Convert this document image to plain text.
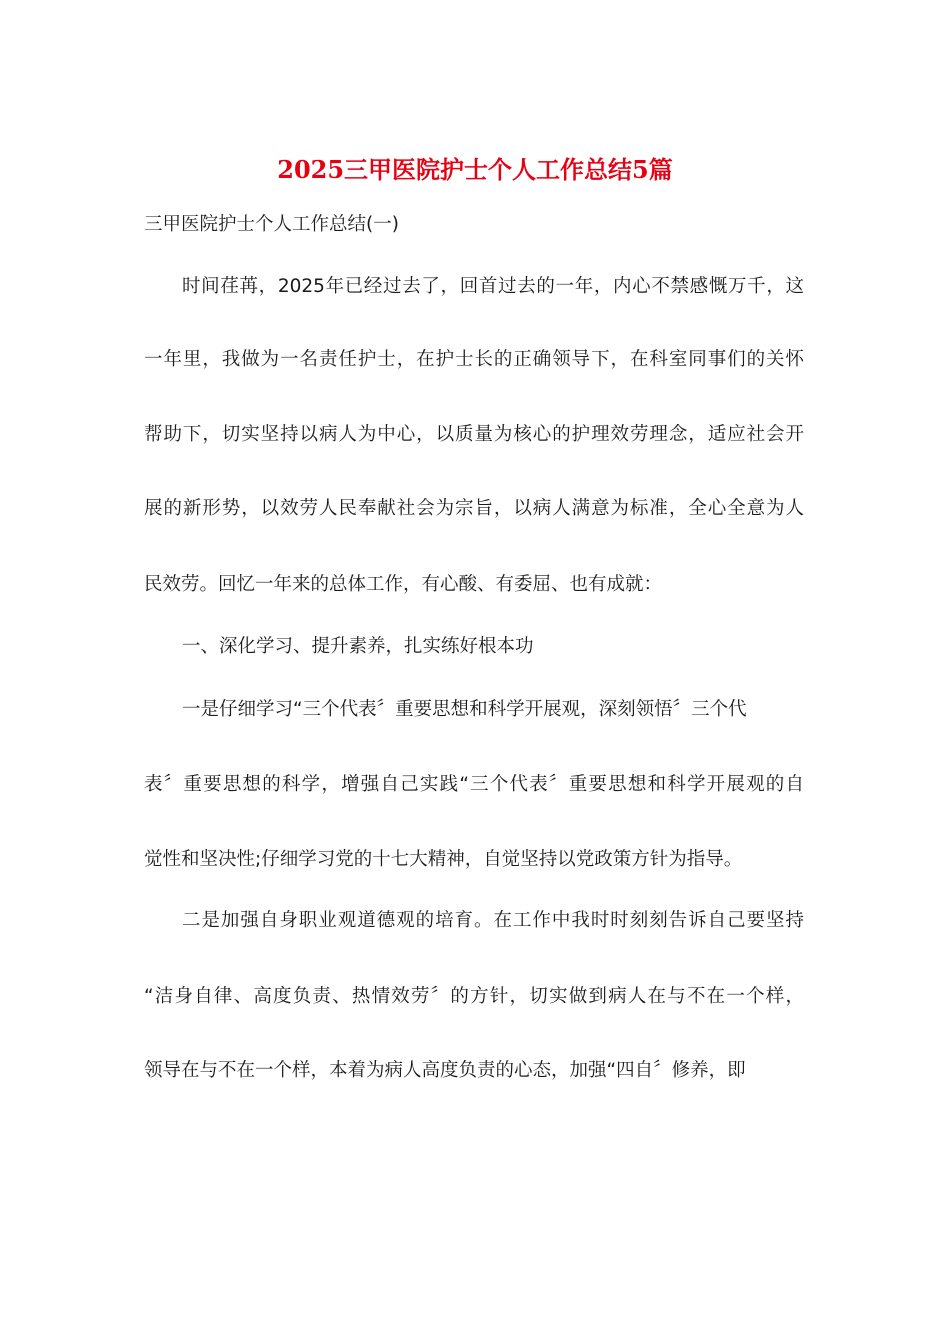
2025三甲医院护士个人工作总结5篇
三甲医院护士个人工作总结(一)
时间荏苒，2025年已经过去了，回首过去的一年，内心不禁感慨万千，这
一年里，我做为一名责任护士，在护士长的正确领导下，在科室同事们的关怀
帮助下，切实坚持以病人为中心，以质量为核心的护理效劳理念，适应社会开
展的新形势，以效劳人民奉献社会为宗旨，以病人满意为标准，全心全意为人
民效劳。回忆一年来的总体工作，有心酸、有委屈、也有成就：
一、深化学习、提升素养，扎实练好根本功
一是仔细学习“三个代表〞重要思想和科学开展观，深刻领悟〞三个代
表〞重要思想的科学，增强自己实践“三个代表〞重要思想和科学开展观的自
觉性和坚决性;仔细学习党的十七大精神，自觉坚持以党政策方针为指导。
二是加强自身职业观道德观的培育。在工作中我时时刻刻告诉自己要坚持
“洁身自律、高度负责、热情效劳〞的方针，切实做到病人在与不在一个样，
领导在与不在一个样，本着为病人高度负责的心态，加强“四自〞修养，即
